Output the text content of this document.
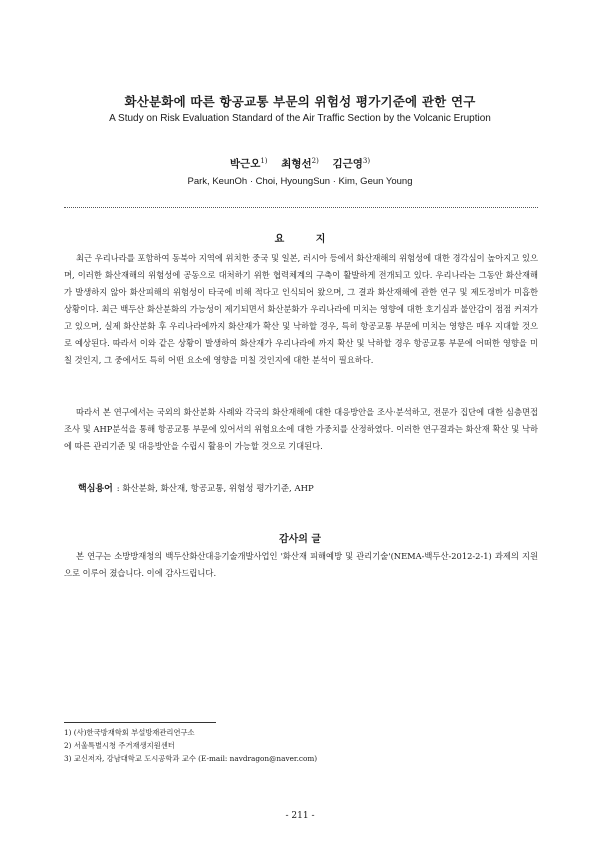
화산분화에 따른 항공교통 부문의 위험성 평가기준에 관한 연구
A Study on Risk Evaluation Standard of the Air Traffic Section by the Volcanic Eruption
박근오$^{1)}$ 최형선$^{2)}$ 김근영$^{3)}$
Park, KeunOh · Choi, HyoungSun · Kim, Geun Young
요 지

최근 우리나라를 포함하여 동북아 지역에 위치한 중국 및 일본, 러시아 등에서 화산재해의 위험성에 대한 경각심이 높아지고 있으며, 이러한 화산재해의 위험성에 공동으로 대처하기 위한 협력체계의 구축이 활발하게 전개되고 있다. 우리나라는 그동안 화산재해가 발생하지 않아 화산피해의 위험성이 타국에 비해 적다고 인식되어 왔으며, 그 결과 화산재해에 관한 연구 및 제도정비가 미흡한 상황이다. 최근 백두산 화산분화의 가능성이 제기되면서 화산분화가 우리나라에 미치는 영향에 대한 호기심과 불안감이 점점 커져가고 있으며, 실제 화산분화 후 우리나라에까지 화산재가 확산 및 낙하할 경우, 특히 항공교통 부문에 미치는 영향은 매우 지대할 것으로 예상된다. 따라서 이와 같은 상황이 발생하여 화산재가 우리나라에 까지 확산 및 낙하할 경우 항공교통 부문에 어떠한 영향을 미칠 것인지, 그 중에서도 특히 어떤 요소에 영향을 미칠 것인지에 대한 분석이 필요하다.

따라서 본 연구에서는 국외의 화산분화 사례와 각국의 화산재해에 대한 대응방안을 조사·분석하고, 전문가 집단에 대한 심층면접 조사 및 AHP분석을 통해 항공교통 부문에 있어서의 위험요소에 대한 가중치를 산정하였다. 이러한 연구결과는 화산재 확산 및 낙하에 따른 관리기준 및 대응방안을 수립시 활용이 가능할 것으로 기대된다.

핵심용어 : 화산분화, 화산재, 항공교통, 위험성 평가기준, AHP
감사의 글

본 연구는 소방방재청의 백두산화산대응기술개발사업인 '화산재 피해예방 및 관리기술'(NEMA-백두산-2012-2-1) 과제의 지원으로 이루어 졌습니다. 이에 감사드립니다.

1) (사)한국방재학회 부설방재관리연구소
2) 서울특별시청 주거재생지원센터
3) 교신저자, 강남대학교 도시공학과 교수 (E-mail: navdragon@naver.com)
- 211 -
